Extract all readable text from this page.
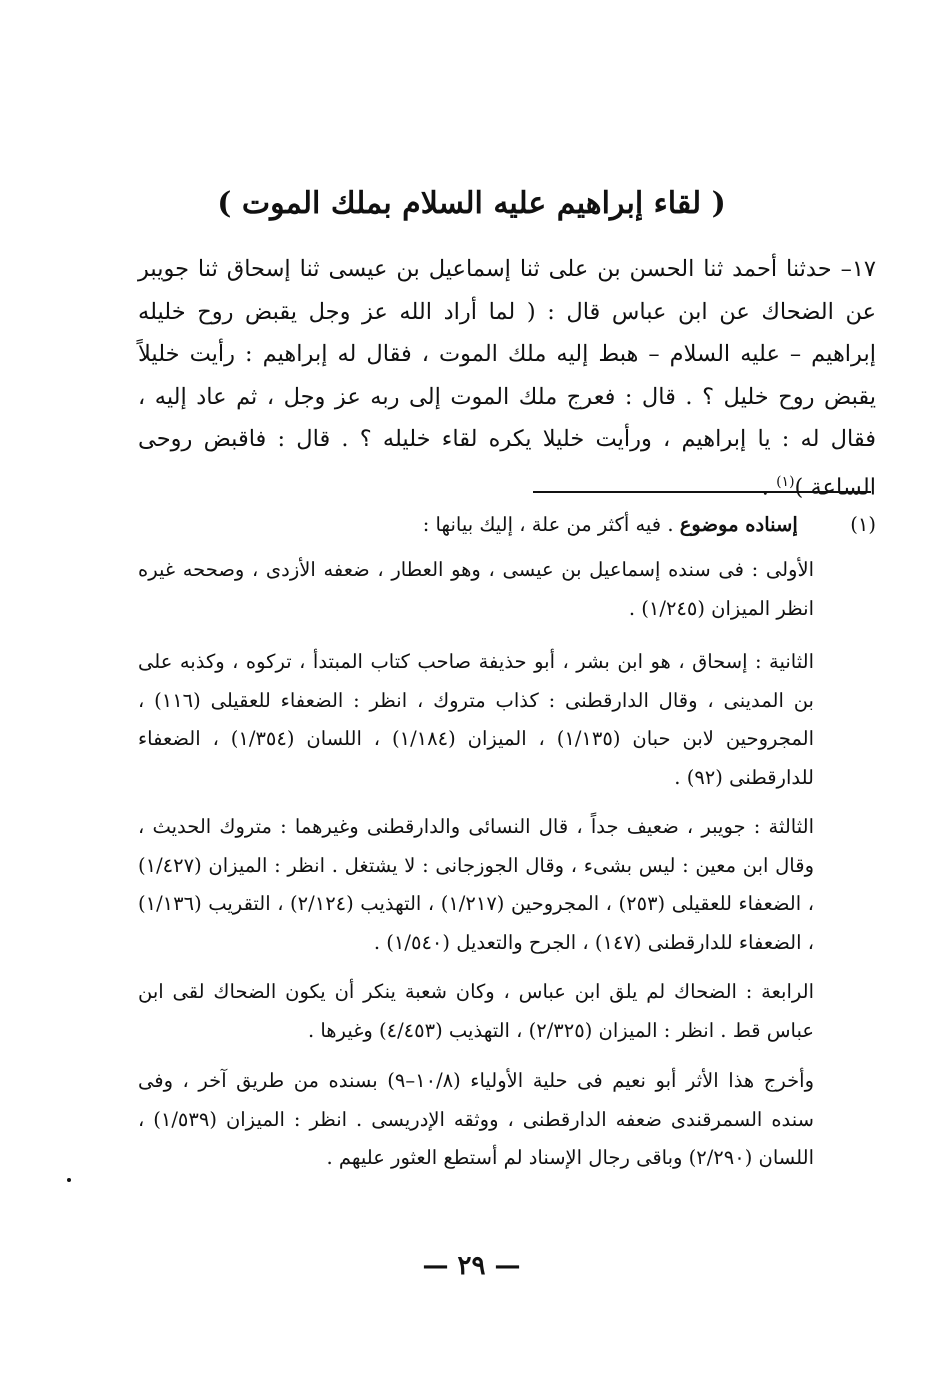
( لقاء إبراهيم عليه السلام بملك الموت )
١٧– حدثنا أحمد ثنا الحسن بن على ثنا إسماعيل بن عيسى ثنا إسحاق ثنا جويبر عن الضحاك عن ابن عباس قال : ( لما أراد الله عز وجل يقبض روح خليله إبراهيم – عليه السلام – هبط إليه ملك الموت ، فقال له إبراهيم : رأيت خليلاً يقبض روح خليل ؟ . قال : فعرج ملك الموت إلى ربه عز وجل ، ثم عاد إليه ، فقال له : يا إبراهيم ، ورأيت خليلا يكره لقاء خليله ؟ . قال : فاقبض روحى الساعة )$^{(١)}$ .
(١) إسناده موضوع . فيه أكثر من علة ، إليك بيانها :
الأولى : فى سنده إسماعيل بن عيسى ، وهو العطار ، ضعفه الأزدى ، وصححه غيره انظر الميزان (١/٢٤٥) .
الثانية : إسحاق ، هو ابن بشر ، أبو حذيفة صاحب كتاب المبتدأ ، تركوه ، وكذبه على بن المدينى ، وقال الدارقطنى : كذاب متروك ، انظر : الضعفاء للعقيلى (١١٦) ، المجروحين لابن حبان (١/١٣٥) ، الميزان (١/١٨٤) ، اللسان (١/٣٥٤) ، الضعفاء للدارقطنى (٩٢) .
الثالثة : جويبر ، ضعيف جداً ، قال النسائى والدارقطنى وغيرهما : متروك الحديث ، وقال ابن معين : ليس بشىء ، وقال الجوزجانى : لا يشتغل . انظر : الميزان (١/٤٢٧) ، الضعفاء للعقيلى (٢٥٣) ، المجروحين (١/٢١٧) ، التهذيب (٢/١٢٤) ، التقريب (١/١٣٦) ، الضعفاء للدارقطنى (١٤٧) ، الجرح والتعديل (١/٥٤٠) .
الرابعة : الضحاك لم يلق ابن عباس ، وكان شعبة ينكر أن يكون الضحاك لقى ابن عباس قط . انظر : الميزان (٢/٣٢٥) ، التهذيب (٤/٤٥٣) وغيرها .
وأخرج هذا الأثر أبو نعيم فى حلية الأولياء (١٠/٨–٩) بسنده من طريق آخر ، وفى سنده السمرقندى ضعفه الدارقطنى ، ووثقه الإدريسى . انظر : الميزان (١/٥٣٩) ، اللسان (٢/٢٩٠) وباقى رجال الإسناد لم أستطع العثور عليهم .
— ٢٩ —
